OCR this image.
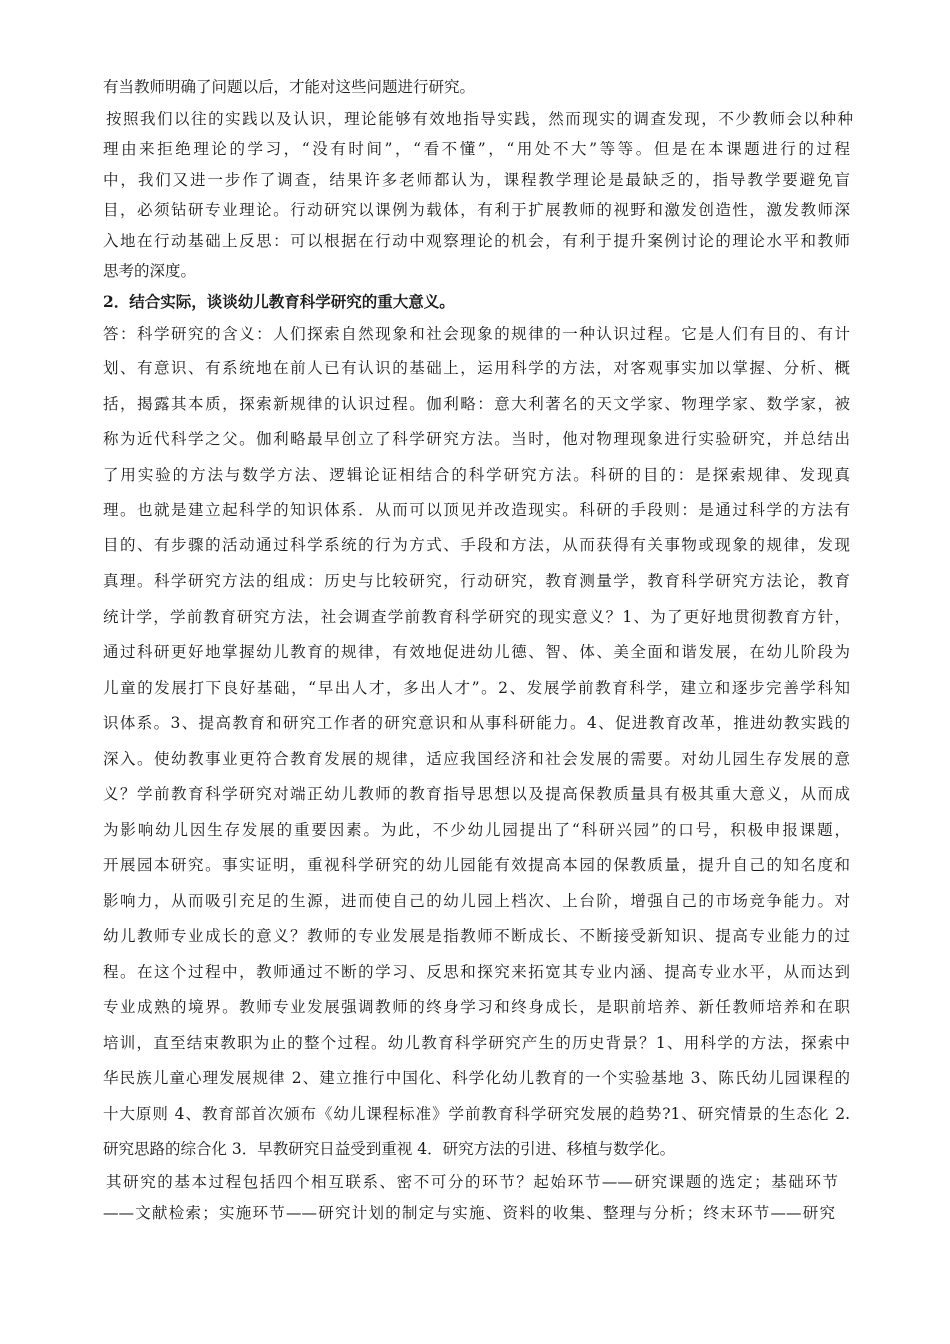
有当教师明确了问题以后，才能对这些问题进行研究。
按照我们以往的实践以及认识，理论能够有效地指导实践，然而现实的调查发现，不少教师会以种种
理由来拒绝理论的学习，“没有时间”，“看不懂”，“用处不大”等等。但是在本课题进行的过程
中，我们又进一步作了调查，结果许多老师都认为，课程教学理论是最缺乏的，指导教学要避免盲
目，必须钻研专业理论。行动研究以课例为载体，有利于扩展教师的视野和激发创造性，激发教师深
入地在行动基础上反思：可以根据在行动中观察理论的机会，有利于提升案例讨论的理论水平和教师
思考的深度。
2．结合实际，谈谈幼儿教育科学研究的重大意义。
答：科学研究的含义：人们探索自然现象和社会现象的规律的一种认识过程。它是人们有目的、有计
划、有意识、有系统地在前人已有认识的基础上，运用科学的方法，对客观事实加以掌握、分析、概
括，揭露其本质，探索新规律的认识过程。伽利略：意大利著名的天文学家、物理学家、数学家，被
称为近代科学之父。伽利略最早创立了科学研究方法。当时，他对物理现象进行实验研究，并总结出
了用实验的方法与数学方法、逻辑论证相结合的科学研究方法。科研的目的：是探索规律、发现真
理。也就是建立起科学的知识体系．从而可以顶见并改造现实。科研的手段则：是通过科学的方法有
目的、有步骤的活动通过科学系统的行为方式、手段和方法，从而获得有关事物或现象的规律，发现
真理。科学研究方法的组成：历史与比较研究，行动研究，教育测量学，教育科学研究方法论，教育
统计学，学前教育研究方法，社会调查学前教育科学研究的现实意义？1、为了更好地贯彻教育方针，
通过科研更好地掌握幼儿教育的规律，有效地促进幼儿德、智、体、美全面和谐发展，在幼儿阶段为
儿童的发展打下良好基础，“早出人才，多出人才”。2、发展学前教育科学，建立和逐步完善学科知
识体系。3、提高教育和研究工作者的研究意识和从事科研能力。4、促进教育改革，推进幼教实践的
深入。使幼教事业更符合教育发展的规律，适应我国经济和社会发展的需要。对幼儿园生存发展的意
义？学前教育科学研究对端正幼儿教师的教育指导思想以及提高保教质量具有极其重大意义，从而成
为影响幼儿因生存发展的重要因素。为此，不少幼儿园提出了“科研兴园”的口号，积极申报课题，
开展园本研究。事实证明，重视科学研究的幼儿园能有效提高本园的保教质量，提升自己的知名度和
影响力，从而吸引充足的生源，进而使自己的幼儿园上档次、上台阶，增强自己的市场竞争能力。对
幼儿教师专业成长的意义？教师的专业发展是指教师不断成长、不断接受新知识、提高专业能力的过
程。在这个过程中，教师通过不断的学习、反思和探究来拓宽其专业内涵、提高专业水平，从而达到
专业成熟的境界。教师专业发展强调教师的终身学习和终身成长，是职前培养、新任教师培养和在职
培训，直至结束教职为止的整个过程。幼儿教育科学研究产生的历史背景？1、用科学的方法，探索中
华民族儿童心理发展规律 2、建立推行中国化、科学化幼儿教育的一个实验基地 3、陈氏幼儿园课程的
十大原则 4、教育部首次颁布《幼儿课程标准》学前教育科学研究发展的趋势?1、研究情景的生态化 2.
研究思路的综合化 3．早教研究日益受到重视 4．研究方法的引进、移植与数学化。
其研究的基本过程包括四个相互联系、密不可分的环节？起始环节——研究课题的选定；基础环节
——文献检索；实施环节——研究计划的制定与实施、资料的收集、整理与分析；终末环节——研究
